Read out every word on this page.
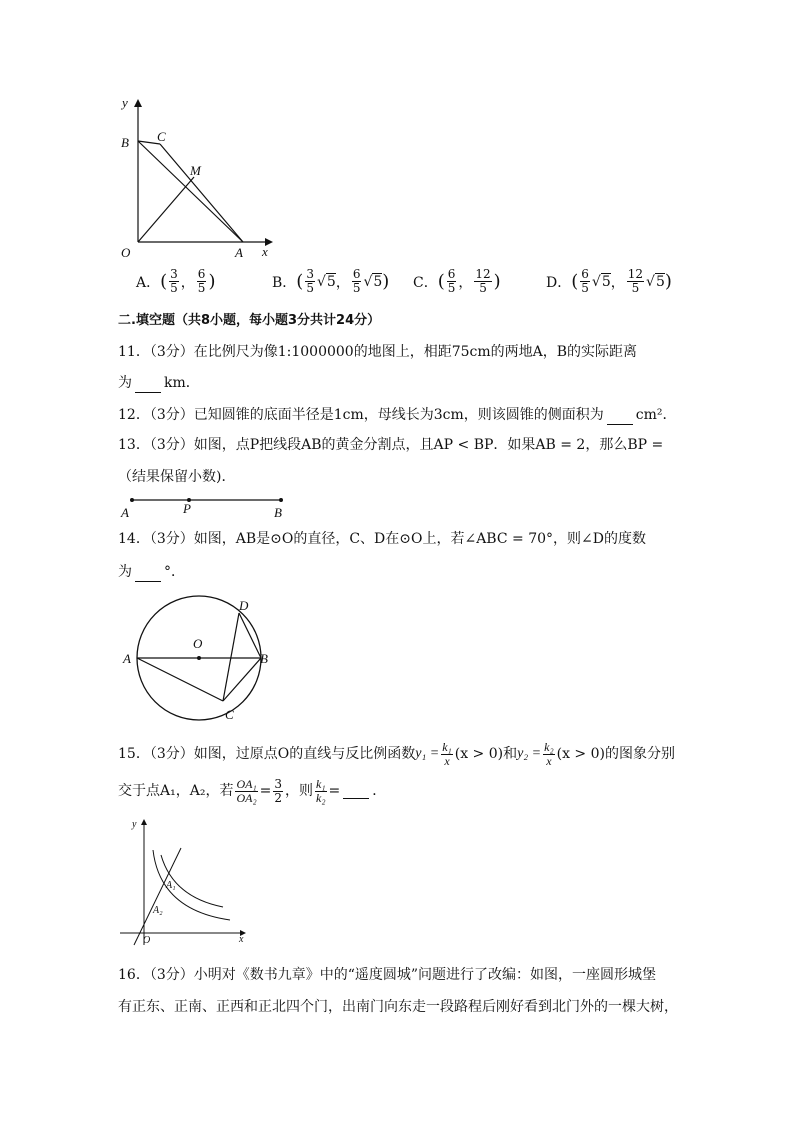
y
x
B C
M
O	A
A． ( $\frac{3}{5}$ ， $\frac{6}{5}$ )	B． ( $\frac{3}{5} √5$ ， $\frac{6}{5} √5$ ) C． ( $\frac{6}{5}$ ， $\frac{12}{5}$ )	D． ( $\frac{6}{5} √5$ ， $\frac{12}{5} √5$ )
二.填空题（共8小题，每小题3分共计24分）
11．（3分）在比例尺为像1:1000000的地图上，相距75cm的两地A，B的实际距离
为 km．
12．（3分）已知圆锥的底面半径是1cm，母线长为3cm，则该圆锥的侧面积为 cm²．
13．（3分）如图，点P把线段AB的黄金分割点，且AP < BP．如果AB = 2，那么BP =
（结果保留小数)．
A	P	B
14．（3分）如图，AB是⊙O的直径，C、D在⊙O上，若∠ABC = 70°，则∠D的度数
为 °．
O
A	B
C
D
15．（3分）如图，过原点O的直线与反比例函数 $y_1 = \frac{\text{k₁}}{x} (x > 0)$和 $y_2 = \frac{\text{k₂}}{x} (x > 0)$的图象分别
交于点A₁，A₂，若 $\frac{\text{OA₁}}{\text{OA₂}} = \frac{3}{2}$ ，则 $\frac{\text{k₁}}{\text{k₂}}$ = ．
y
x
A₁
A₂
O
16．（3分）小明对《数书九章》中的“遥度圆城”问题进行了改编：如图，一座圆形城堡
有正东、正南、正西和正北四个门，出南门向东走一段路程后刚好看到北门外的一棵大树，
